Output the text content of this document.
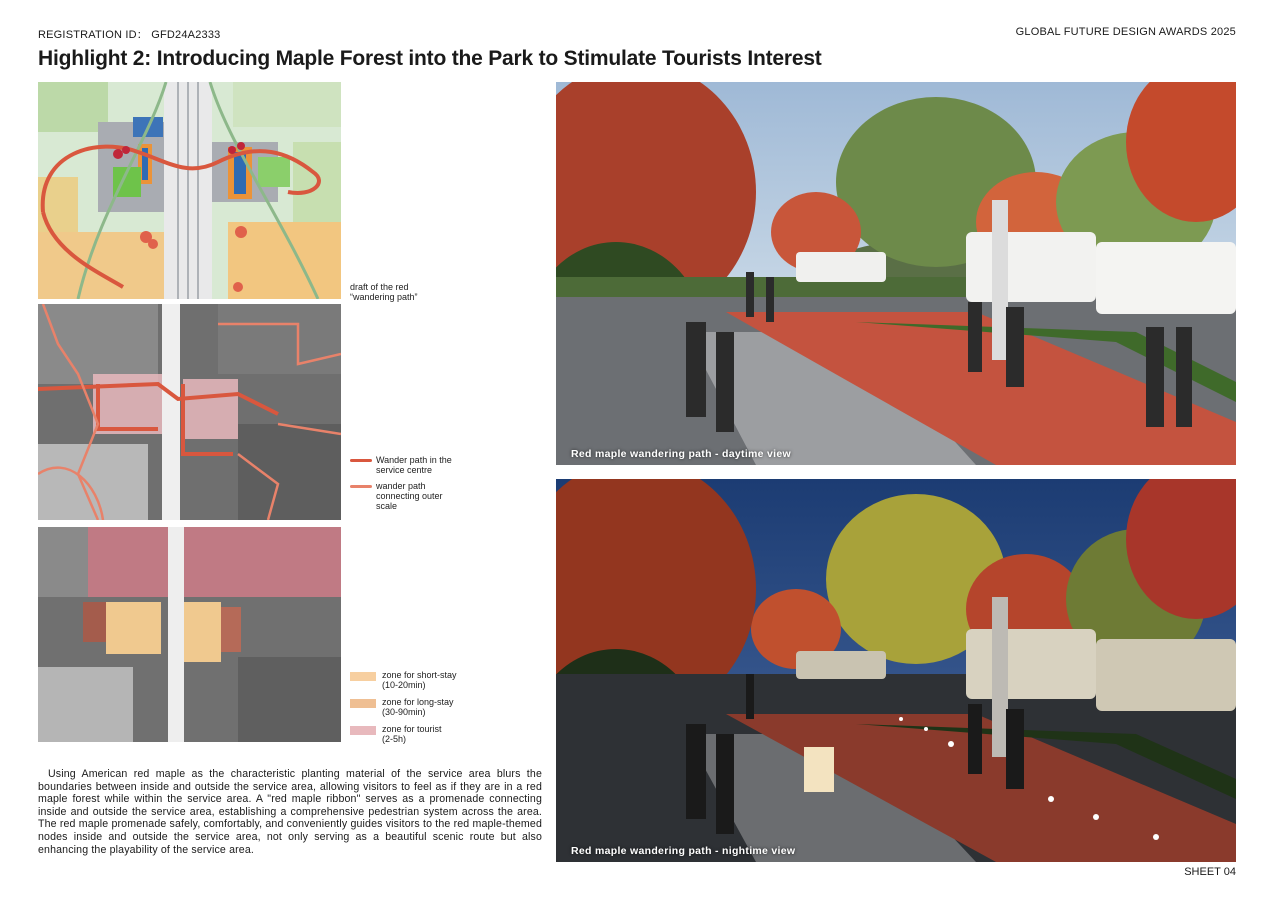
REGISTRATION ID： GFD24A2333	GLOBAL FUTURE DESIGN AWARDS 2025
Highlight 2: Introducing Maple Forest into the Park to Stimulate Tourists Interest
draft of the red
“wandering path”
Wander path in the
service centre
wander path
connecting outer
scale
zone for short-stay
(10-20min)
zone for long-stay
(30-90min)
zone for tourist
(2-5h)
Using American red maple as the characteristic planting material of the service area blurs the boundaries between inside and outside the service area, allowing visitors to feel as if they are in a red maple forest while within the service area. A "red maple ribbon" serves as a promenade connecting inside and outside the service area, establishing a comprehensive pedestrian system across the area. The red maple promenade safely, comfortably, and conveniently guides visitors to the red maple-themed nodes inside and outside the service area, not only serving as a beautiful scenic route but also enhancing the playability of the service area.
Red maple wandering path - daytime view
Red maple wandering path - nightime view
SHEET 04
